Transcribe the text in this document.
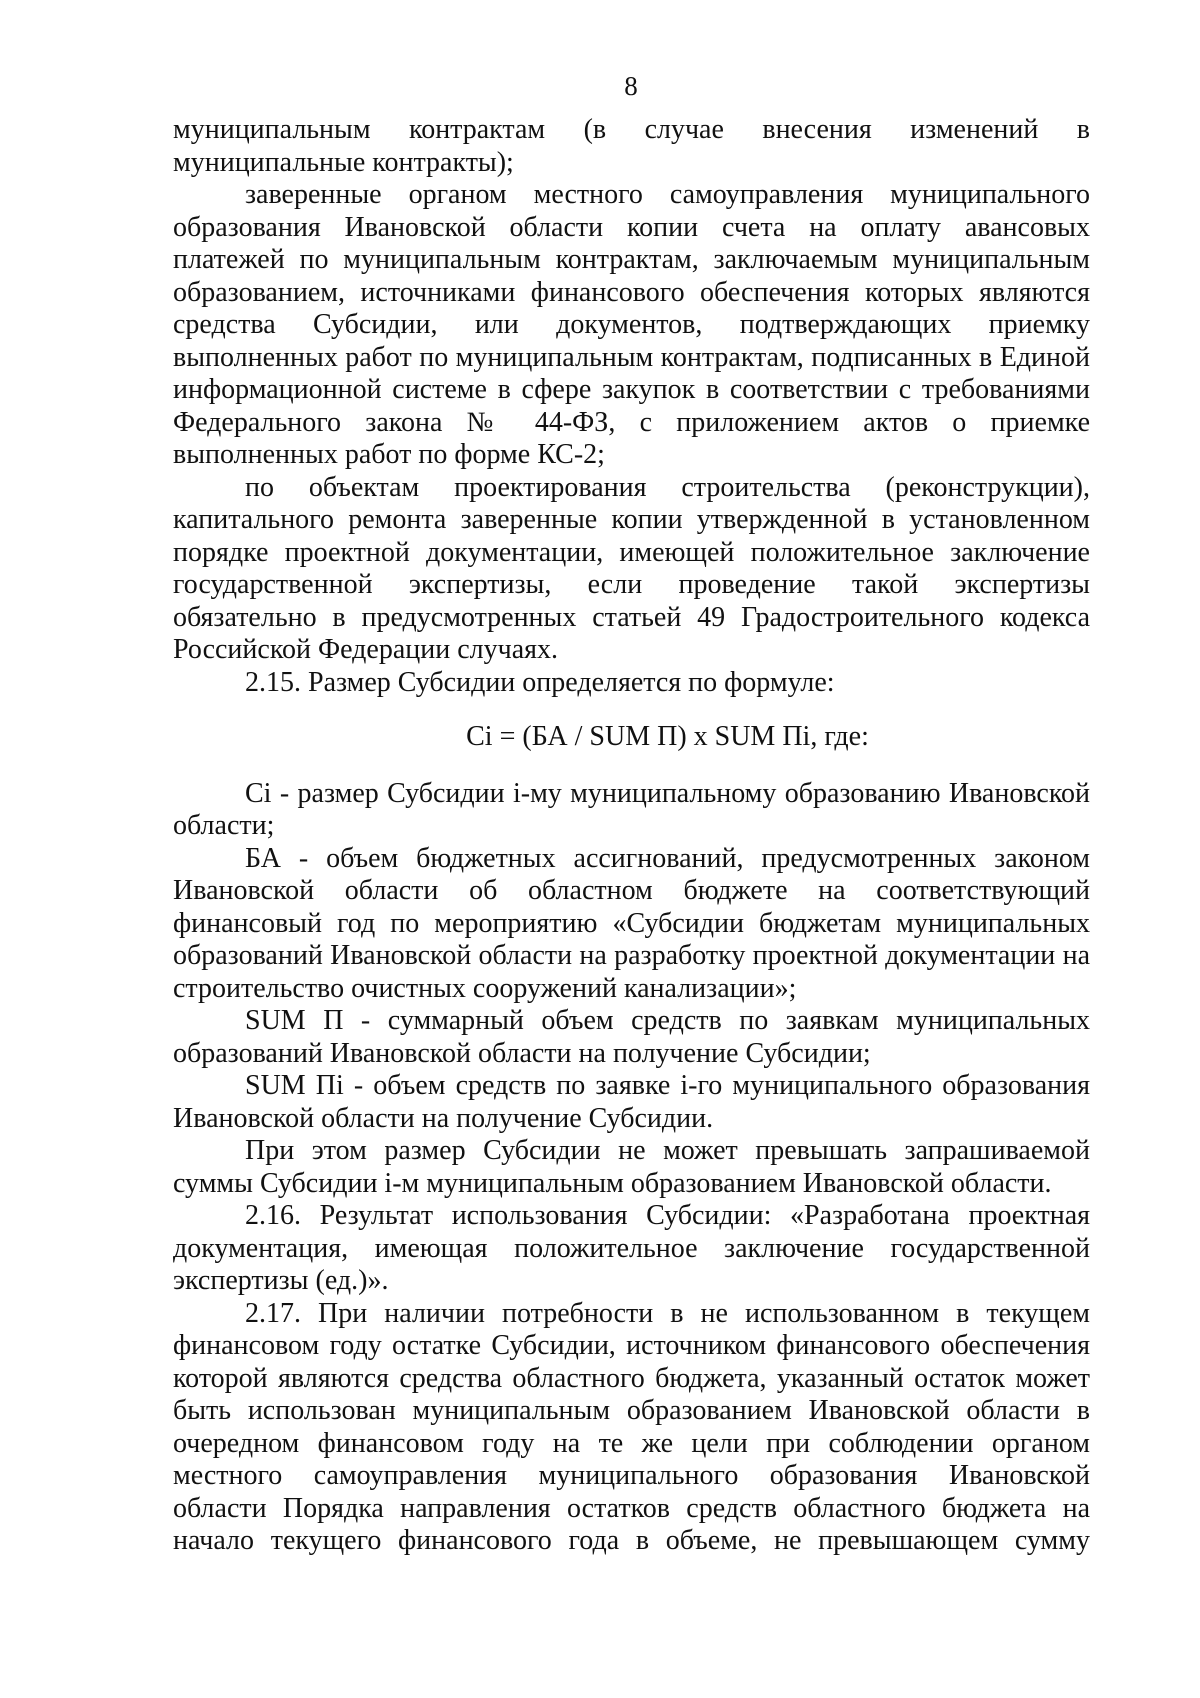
8

муниципальным контрактам (в случае внесения изменений в муниципальные контракты);

заверенные органом местного самоуправления муниципального образования Ивановской области копии счета на оплату авансовых платежей по муниципальным контрактам, заключаемым муниципальным образованием, источниками финансового обеспечения которых являются средства Субсидии, или документов, подтверждающих приемку выполненных работ по муниципальным контрактам, подписанных в Единой информационной системе в сфере закупок в соответствии с требованиями Федерального закона № 44-ФЗ, с приложением актов о приемке выполненных работ по форме КС-2;

по объектам проектирования строительства (реконструкции), капитального ремонта заверенные копии утвержденной в установленном порядке проектной документации, имеющей положительное заключение государственной экспертизы, если проведение такой экспертизы обязательно в предусмотренных статьей 49 Градостроительного кодекса Российской Федерации случаях.

2.15. Размер Субсидии определяется по формуле:

Ci = (БА / SUM П) x SUM Пi, где:

Ci - размер Субсидии i-му муниципальному образованию Ивановской области;

БА - объем бюджетных ассигнований, предусмотренных законом Ивановской области об областном бюджете на соответствующий финансовый год по мероприятию «Субсидии бюджетам муниципальных образований Ивановской области на разработку проектной документации на строительство очистных сооружений канализации»;

SUM П - суммарный объем средств по заявкам муниципальных образований Ивановской области на получение Субсидии;

SUM Пi - объем средств по заявке i-го муниципального образования Ивановской области на получение Субсидии.

При этом размер Субсидии не может превышать запрашиваемой суммы Субсидии i-м муниципальным образованием Ивановской области.

2.16. Результат использования Субсидии: «Разработана проектная документация, имеющая положительное заключение государственной экспертизы (ед.)».

2.17. При наличии потребности в не использованном в текущем финансовом году остатке Субсидии, источником финансового обеспечения которой являются средства областного бюджета, указанный остаток может быть использован муниципальным образованием Ивановской области в очередном финансовом году на те же цели при соблюдении органом местного самоуправления муниципального образования Ивановской области Порядка направления остатков средств областного бюджета на начало текущего финансового года в объеме, не превышающем сумму
